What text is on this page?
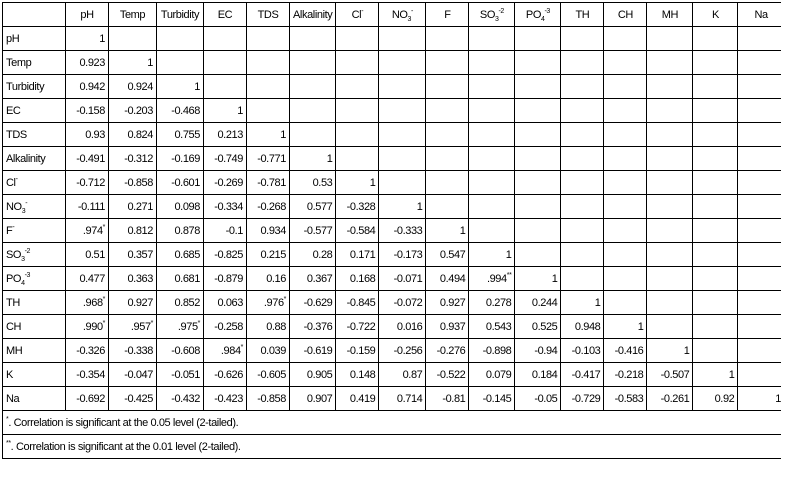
	pH	Temp	Turbidity	EC	TDS	Alkalinity	Cl-	$NO_3^-$	F	$SO_3^{-2}$	$PO_4^{-3}$	TH	CH	MH	K	Na
pH	1															
Temp	0.923	1														
Turbidity	0.942	0.924	1													
EC	-0.158	-0.203	-0.468	1												
TDS	0.93	0.824	0.755	0.213	1											
Alkalinity	-0.491	-0.312	-0.169	-0.749	-0.771	1										
Cl-	-0.712	-0.858	-0.601	-0.269	-0.781	0.53	1									
$NO_3^-$	-0.111	0.271	0.098	-0.334	-0.268	0.577	-0.328	1								
F-	.974*	0.812	0.878	-0.1	0.934	-0.577	-0.584	-0.333	1							
$SO_3^{-2}$	0.51	0.357	0.685	-0.825	0.215	0.28	0.171	-0.173	0.547	1						
$PO_4^{-3}$	0.477	0.363	0.681	-0.879	0.16	0.367	0.168	-0.071	0.494	.994**	1					
TH	.968*	0.927	0.852	0.063	.976*	-0.629	-0.845	-0.072	0.927	0.278	0.244	1				
CH	.990*	.957*	.975*	-0.258	0.88	-0.376	-0.722	0.016	0.937	0.543	0.525	0.948	1			
MH	-0.326	-0.338	-0.608	.984*	0.039	-0.619	-0.159	-0.256	-0.276	-0.898	-0.94	-0.103	-0.416	1		
K	-0.354	-0.047	-0.051	-0.626	-0.605	0.905	0.148	0.87	-0.522	0.079	0.184	-0.417	-0.218	-0.507	1	
Na	-0.692	-0.425	-0.432	-0.423	-0.858	0.907	0.419	0.714	-0.81	-0.145	-0.05	-0.729	-0.583	-0.261	0.92	1
*. Correlation is significant at the 0.05 level (2-tailed).																
**. Correlation is significant at the 0.01 level (2-tailed).																
